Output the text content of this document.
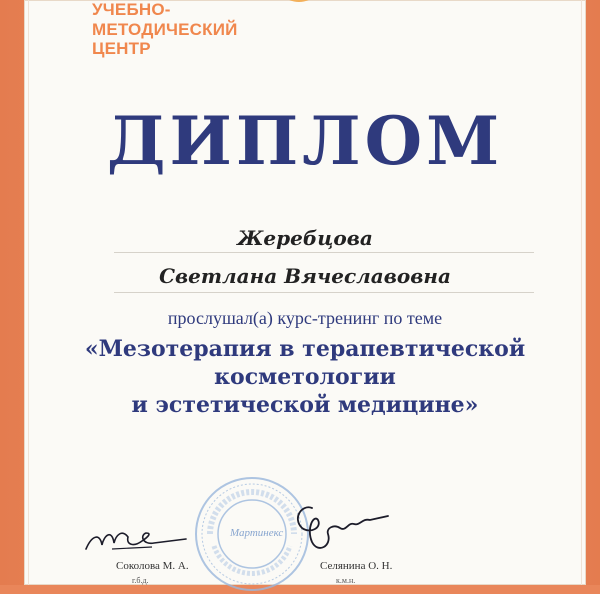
УЧЕБНО-
МЕТОДИЧЕСКИЙ
ЦЕНТР
ДИПЛОМ
Жеребцова
Светлана Вячеславовна
прослушал(а) курс-тренинг по теме
«Мезотерапия в терапевтической
косметологии
и эстетической медицине»
Мартинекс
Соколова М. А.
г.б.д.
Селянина О. Н.
к.м.н.
